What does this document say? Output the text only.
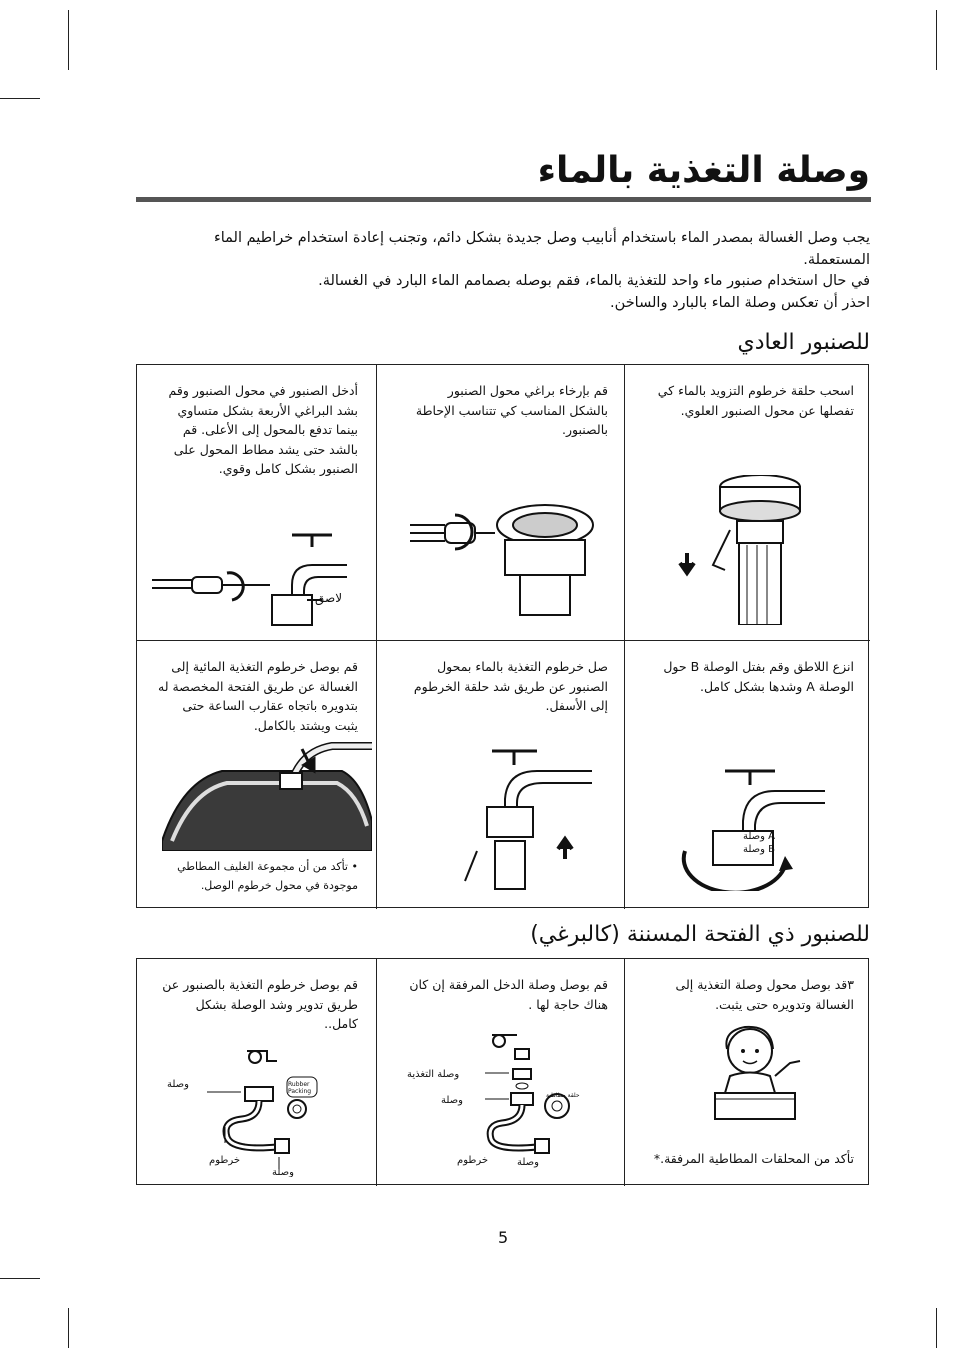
وصلة التغذية بالماء

يجب وصل الغسالة بمصدر الماء باستخدام أنابيب وصل جديدة بشكل دائم، وتجنب إعادة استخدام خراطيم الماء

المستعملة.

في حال استخدام صنبور ماء واحد للتغذية بالماء، فقم بوصله بصمامم الماء البارد في الغسالة.

احذر أن تعكس وصلة الماء بالبارد والساخن.

للصنبور العادي
اسحب حلقة خرطوم التزويد بالماء كي تفصلها عن محول الصنبور العلوي.
قم بإرخاء براغي محول الصنبور بالشكل المناسب كي تتناسب الإحاطة بالصنبور.
أدخل الصنبور في محول الصنبور وقم بشد البراغي الأربعة بشكل متساوي بينما تدفع بالمحول إلى الأعلى. قم بالشد حتى يشد مطاط المحول على الصنبور بشكل كامل وقوي.
لاصق
انزع اللاطق وقم بفتل الوصلة B حول الوصلة A وشدها بشكل كامل.
وصلة A
وصلة B
صل خرطوم التغذية بالماء بمحول الصنبور عن طريق شد حلقة الخرطوم إلى الأسفل.
قم بوصل خرطوم التغذية المائية إلى الغسالة عن طريق الفتحة المخصصة له بتدويره باتجاه عقارب الساعة حتى يثبت ويشتد بالكامل.
• تأكد من أن مجموعة الغليف المطاطي
موجودة في محول خرطوم الوصل.
للصنبور ذي الفتحة المسننة (كالبرغي)
قم بوصل خرطوم التغذية بالصنبور عن طريق تدوير وشد الوصلة بشكل كامل..
وصلة	Rubber
Packing
خرطوم
وصلة
قم بوصل وصلة الدخل المرفقة إن كان هناك حاجة لها .
وصلة التغذية
وصلة	حلقة مطاطية
خرطوم	وصلة
٣قد بوصل محول وصلة التغذية إلى الغسالة وتدويره حتى يثبت.
تأكد من المحلقات المطاطية المرفقة.*
5
